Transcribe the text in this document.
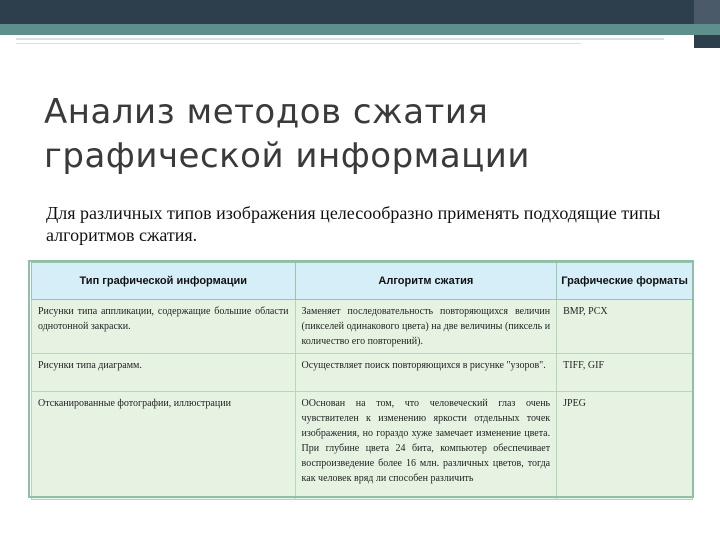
Анализ методов сжатия графической информации
Для различных типов изображения целесообразно применять подходящие типы алгоритмов сжатия.
Тип графической информации	Алгоритм сжатия	Графические форматы
Рисунки типа аппликации, содержащие большие области однотонной закраски.	Заменяет последовательность повторяющихся величин (пикселей одинакового цвета) на две величины (пиксель и количество его повторений).	BMP, PCX
Рисунки типа диаграмм.	Осуществляет поиск повторяющихся в рисунке "узоров".	TIFF, GIF
Отсканированные фотографии, иллюстрации	ООснован на том, что человеческий глаз очень чувствителен к изменению яркости отдельных точек изображения, но гораздо хуже замечает изменение цвета. При глубине цвета 24 бита, компьютер обеспечивает воспроизведение более 16 млн. различных цветов, тогда как человек вряд ли способен различить	JPEG
